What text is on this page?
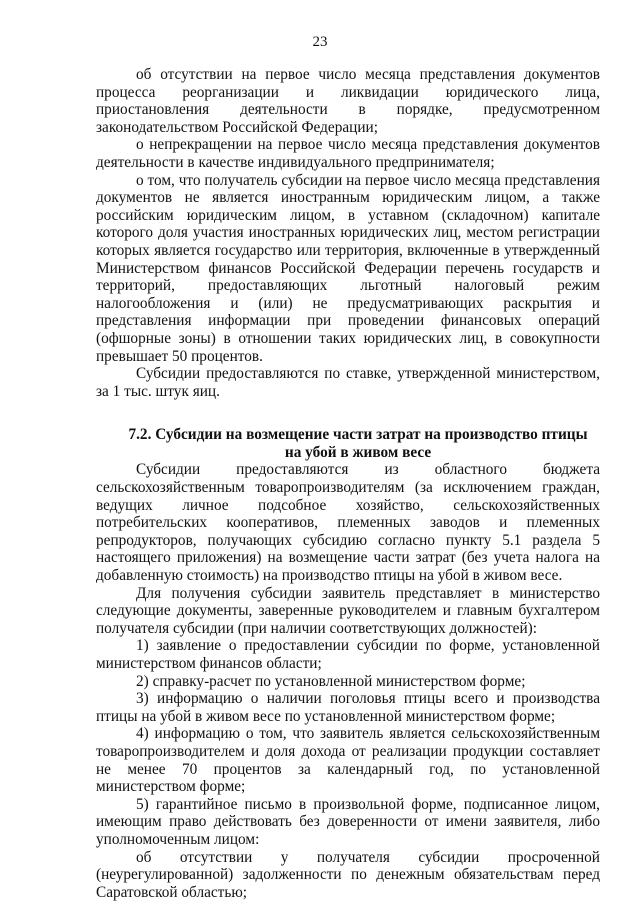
23

об отсутствии на первое число месяца представления документов процесса реорганизации и ликвидации юридического лица, приостановления деятельности в порядке, предусмотренном законодательством Российской Федерации;

о непрекращении на первое число месяца представления документов деятельности в качестве индивидуального предпринимателя;

о том, что получатель субсидии на первое число месяца представления документов не является иностранным юридическим лицом, а также российским юридическим лицом, в уставном (складочном) капитале которого доля участия иностранных юридических лиц, местом регистрации которых является государство или территория, включенные в утвержденный Министерством финансов Российской Федерации перечень государств и территорий, предоставляющих льготный налоговый режим налогообложения и (или) не предусматривающих раскрытия и представления информации при проведении финансовых операций (офшорные зоны) в отношении таких юридических лиц, в совокупности превышает 50 процентов.

Субсидии предоставляются по ставке, утвержденной министерством, за 1 тыс. штук яиц.

7.2. Субсидии на возмещение части затрат на производство птицы
на убой в живом весе

Субсидии предоставляются из областного бюджета сельскохозяйственным товаропроизводителям (за исключением граждан, ведущих личное подсобное хозяйство, сельскохозяйственных потребительских кооперативов, племенных заводов и племенных репродукторов, получающих субсидию согласно пункту 5.1 раздела 5 настоящего приложения) на возмещение части затрат (без учета налога на добавленную стоимость) на производство птицы на убой в живом весе.

Для получения субсидии заявитель представляет в министерство следующие документы, заверенные руководителем и главным бухгалтером получателя субсидии (при наличии соответствующих должностей):

1) заявление о предоставлении субсидии по форме, установленной министерством финансов области;

2) справку-расчет по установленной министерством форме;

3) информацию о наличии поголовья птицы всего и производства птицы на убой в живом весе по установленной министерством форме;

4) информацию о том, что заявитель является сельскохозяйственным товаропроизводителем и доля дохода от реализации продукции составляет не менее 70 процентов за календарный год, по установленной министерством форме;

5) гарантийное письмо в произвольной форме, подписанное лицом, имеющим право действовать без доверенности от имени заявителя, либо уполномоченным лицом:

об отсутствии у получателя субсидии просроченной (неурегулированной) задолженности по денежным обязательствам перед Саратовской областью;
